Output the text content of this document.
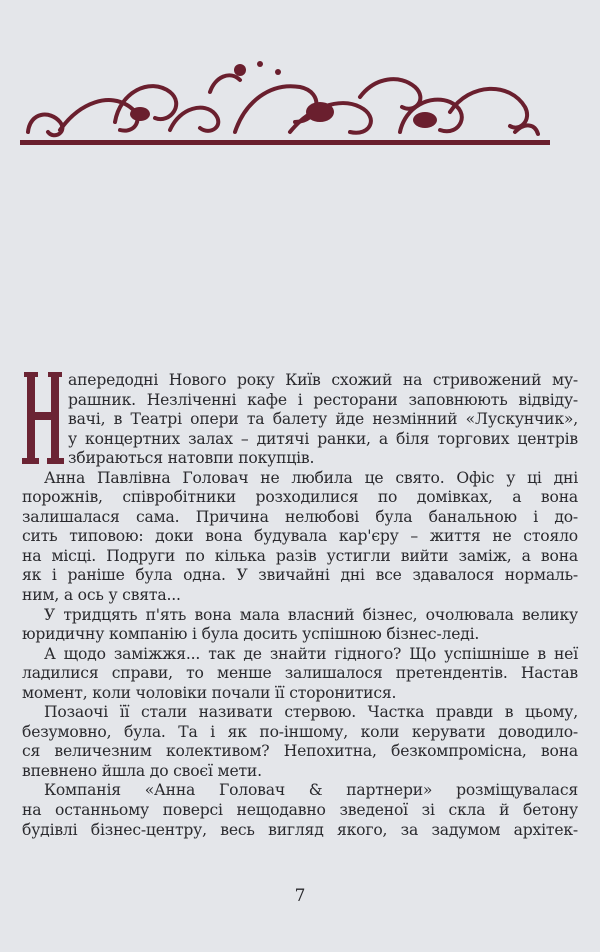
апередодні Нового року Київ схожий на стривожений му-
рашник. Незліченні кафе і ресторани заповнюють відвіду-
вачі, в Театрі опери та балету йде незмінний «Лускунчик»,
у концертних залах – дитячі ранки, а біля торгових центрів
збираються натовпи покупців.
Анна Павлівна Головач не любила це свято. Офіс у ці дні
порожнів, співробітники розходилися по домівках, а вона
залишалася сама. Причина нелюбові була банальною і до-
сить типовою: доки вона будувала кар'єру – життя не стояло
на місці. Подруги по кілька разів устигли вийти заміж, а вона
як і раніше була одна. У звичайні дні все здавалося нормаль-
ним, а ось у свята...
У тридцять п'ять вона мала власний бізнес, очолювала велику
юридичну компанію і була досить успішною бізнес-леді.
А щодо заміжжя... так де знайти гідного? Що успішніше в неї
ладилися справи, то менше залишалося претендентів. Настав
момент, коли чоловіки почали її сторонитися.
Позаочі її стали називати стервою. Частка правди в цьому,
безумовно, була. Та і як по-іншому, коли керувати доводило-
ся величезним колективом? Непохитна, безкомпромісна, вона
впевнено йшла до своєї мети.
Компанія «Анна Головач & партнери» розміщувалася
на останньому поверсі нещодавно зведеної зі скла й бетону
будівлі бізнес-центру, весь вигляд якого, за задумом архітек-
7
